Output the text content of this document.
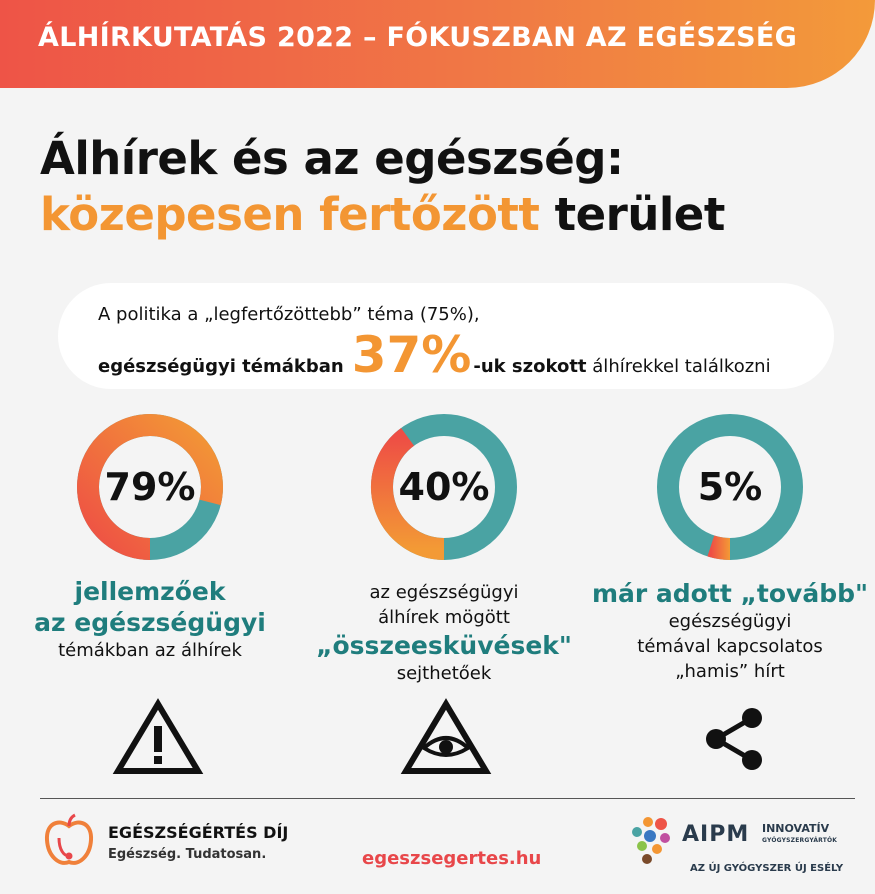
ÁLHÍRKUTATÁS 2022 – FÓKUSZBAN AZ EGÉSZSÉG
Álhírek és az egészség:
közepesen fertőzött terület
A politika a „legfertőzöttebb” téma (75%),
egészségügyi témákban 37% -uk szokott
álhírekkel találkozni
79%	40%	5%
jellemzőek
az egészségügyi
témákban az álhírek
az egészségügyi
álhírek mögött
„összeesküvések"
sejthetőek
már adott „tovább"
egészségügyi
témával kapcsolatos
„hamis” hírt
EGÉSZSÉGÉRTÉS DÍJ
Egészség. Tudatosan.	egeszsegertes.hu
AIPM INNOVATÍV
GYÓGYSZERGYÁRTÓK
AZ ÚJ GYÓGYSZER ÚJ ESÉLY
